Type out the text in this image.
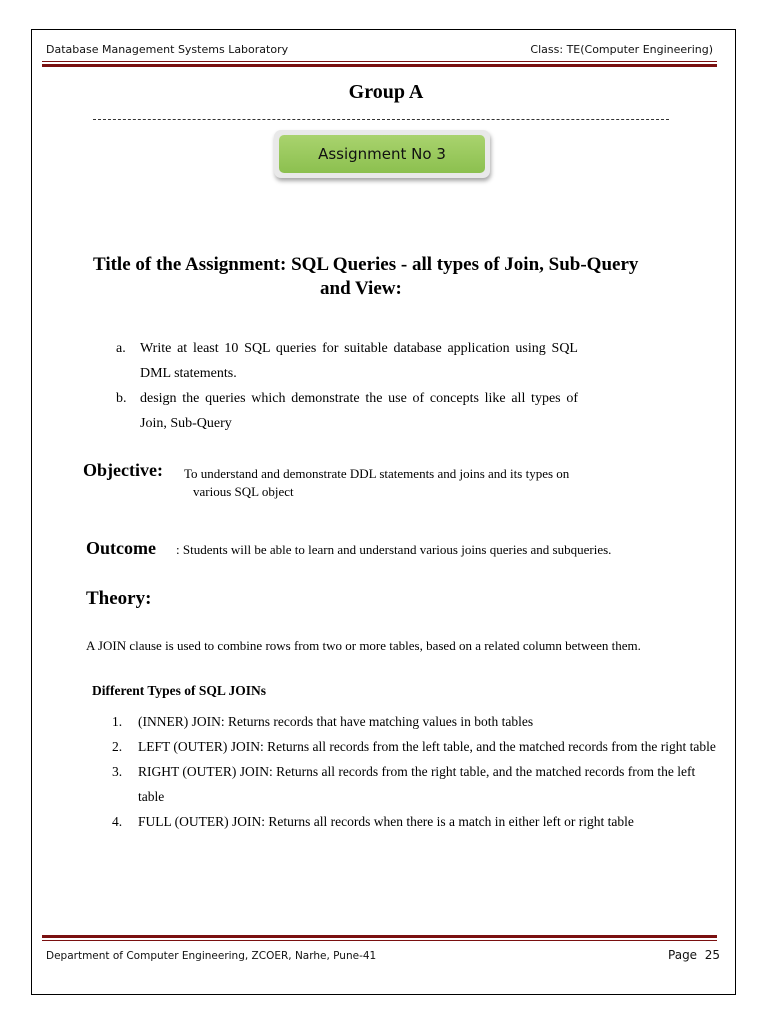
Database Management Systems Laboratory	Class: TE(Computer Engineering)
Group A
Assignment No 3
Title of the Assignment: SQL Queries - all types of Join, Sub-Query
and View:
a.	Write at least 10 SQL queries for suitable database application using SQL DML statements.
b. design the queries which demonstrate the use of concepts like all types of Join, Sub-Query
Objective: To understand and demonstrate DDL statements and joins and its types on
various SQL object
Outcome : Students will be able to learn and understand various joins queries and subqueries.
Theory:
A JOIN clause is used to combine rows from two or more tables, based on a related column between them.
Different Types of SQL JOINs
1.	(INNER) JOIN: Returns records that have matching values in both tables
2.	LEFT (OUTER) JOIN: Returns all records from the left table, and the matched records from the right table
3.	RIGHT (OUTER) JOIN: Returns all records from the right table, and the matched records from the left table
4.	FULL (OUTER) JOIN: Returns all records when there is a match in either left or right table
Department of Computer Engineering, ZCOER, Narhe, Pune-41	Page 25
